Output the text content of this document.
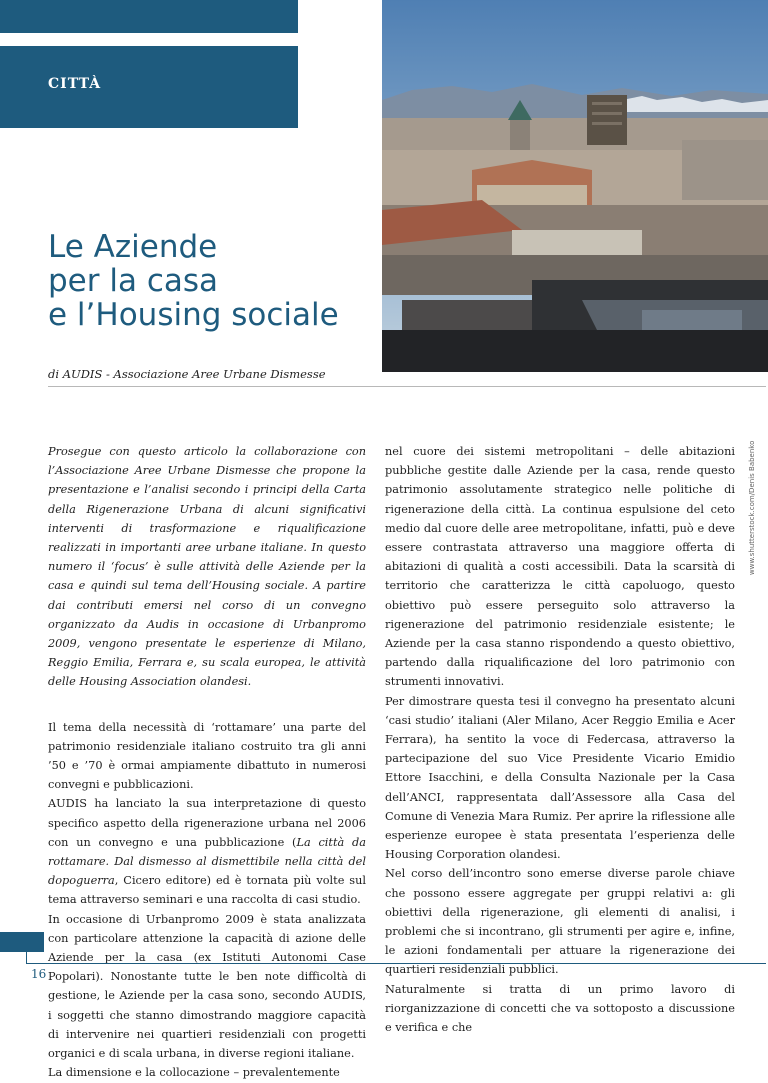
CITTÀ
Le Aziende
per la casa
e l’Housing sociale
di AUDIS - Associazione Aree Urbane Dismesse
www.shutterstock.com/Denis Babenko

Prosegue con questo articolo la collaborazione con l’Associazione Aree Urbane Dismesse che propone la presentazione e l’analisi secondo i principi della Carta della Rigenerazione Urbana di alcuni significativi interventi di trasformazione e riqualificazione realizzati in importanti aree urbane italiane. In questo numero il ‘focus’ è sulle attività delle Aziende per la casa e quindi sul tema dell’Housing sociale. A partire dai contributi emersi nel corso di un convegno organizzato da Audis in occasione di Urbanpromo 2009, vengono presentate le esperienze di Milano, Reggio Emilia, Ferrara e, su scala europea, le attività delle Housing Association olandesi.

Il tema della necessità di ‘rottamare’ una parte del patrimonio residenziale italiano costruito tra gli anni ’50 e ’70 è ormai ampiamente dibattuto in numerosi convegni e pubblicazioni.

AUDIS ha lanciato la sua interpretazione di questo specifico aspetto della rigenerazione urbana nel 2006 con un convegno e una pubblicazione (La città da rottamare. Dal dismesso al dismettibile nella città del dopoguerra, Cicero editore) ed è tornata più volte sul tema attraverso seminari e una raccolta di casi studio.

In occasione di Urbanpromo 2009 è stata analizzata con particolare attenzione la capacità di azione delle Aziende per la casa (ex Istituti Autonomi Case Popolari). Nonostante tutte le ben note difficoltà di gestione, le Aziende per la casa sono, secondo AUDIS, i soggetti che stanno dimostrando maggiore capacità di intervenire nei quartieri residenziali con progetti organici e di scala urbana, in diverse regioni italiane.

La dimensione e la collocazione – prevalentemente

nel cuore dei sistemi metropolitani – delle abitazioni pubbliche gestite dalle Aziende per la casa, rende questo patrimonio assolutamente strategico nelle politiche di rigenerazione della città. La continua espulsione del ceto medio dal cuore delle aree metropolitane, infatti, può e deve essere contrastata attraverso una maggiore offerta di abitazioni di qualità a costi accessibili. Data la scarsità di territorio che caratterizza le città capoluogo, questo obiettivo può essere perseguito solo attraverso la rigenerazione del patrimonio residenziale esistente; le Aziende per la casa stanno rispondendo a questo obiettivo, partendo dalla riqualificazione del loro patrimonio con strumenti innovativi.

Per dimostrare questa tesi il convegno ha presentato alcuni ‘casi studio’ italiani (Aler Milano, Acer Reggio Emilia e Acer Ferrara), ha sentito la voce di Federcasa, attraverso la partecipazione del suo Vice Presidente Vicario Emidio Ettore Isacchini, e della Consulta Nazionale per la Casa dell’ANCI, rappresentata dall’Assessore alla Casa del Comune di Venezia Mara Rumiz. Per aprire la riflessione alle esperienze europee è stata presentata l’esperienza delle Housing Corporation olandesi.

Nel corso dell’incontro sono emerse diverse parole chiave che possono essere aggregate per gruppi relativi a: gli obiettivi della rigenerazione, gli elementi di analisi, i problemi che si incontrano, gli strumenti per agire e, infine, le azioni fondamentali per attuare la rigenerazione dei quartieri residenziali pubblici.

Naturalmente si tratta di un primo lavoro di riorganizzazione di concetti che va sottoposto a discussione e verifica e che

16
